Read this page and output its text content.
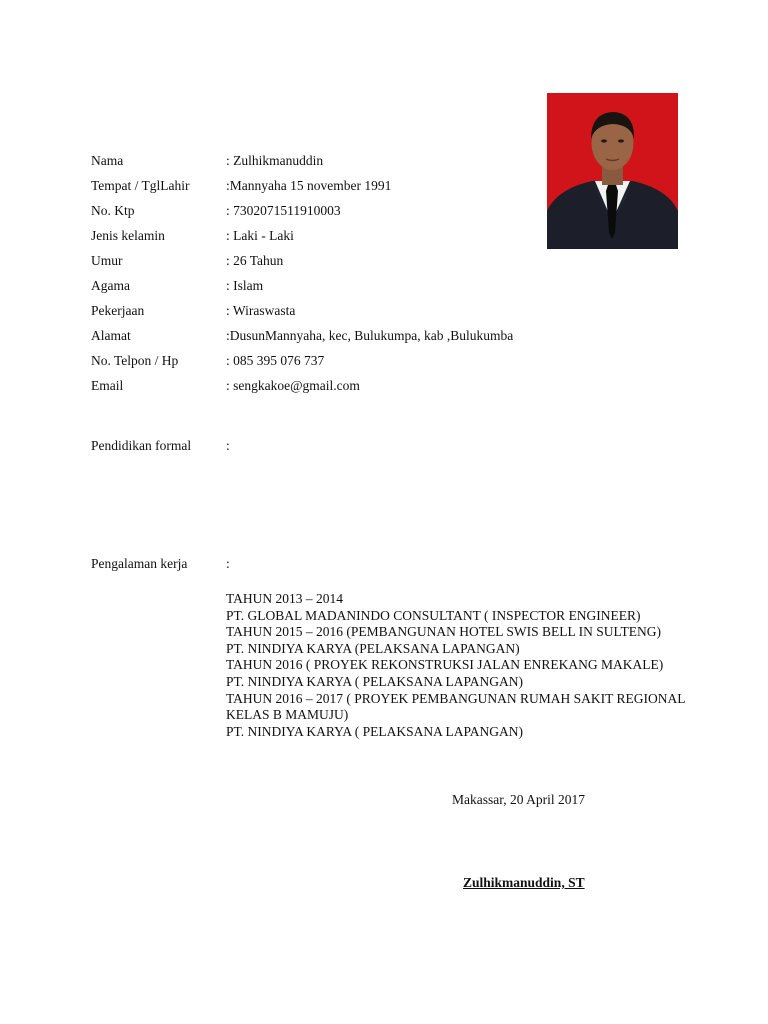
Nama	: Zulhikmanuddin
Tempat / TglLahir	:Mannyaha 15 november 1991
No. Ktp	: 7302071511910003
Jenis kelamin	: Laki - Laki
Umur	: 26 Tahun
Agama	: Islam
Pekerjaan	: Wiraswasta
Alamat	:DusunMannyaha, kec, Bulukumpa, kab ,Bulukumba
No. Telpon / Hp	: 085 395 076 737
Email	: sengkakoe@gmail.com
Pendidikan formal	:
Pengalaman kerja	:
TAHUN 2013 – 2014
PT. GLOBAL MADANINDO CONSULTANT ( INSPECTOR ENGINEER)
TAHUN 2015 – 2016 (PEMBANGUNAN HOTEL SWIS BELL IN SULTENG)
PT. NINDIYA KARYA (PELAKSANA LAPANGAN)
TAHUN 2016 ( PROYEK REKONSTRUKSI JALAN ENREKANG MAKALE)
PT. NINDIYA KARYA ( PELAKSANA LAPANGAN)
TAHUN 2016 – 2017 ( PROYEK PEMBANGUNAN RUMAH SAKIT REGIONAL
KELAS B MAMUJU)
PT. NINDIYA KARYA ( PELAKSANA LAPANGAN)
Makassar, 20 April 2017
Zulhikmanuddin, ST
